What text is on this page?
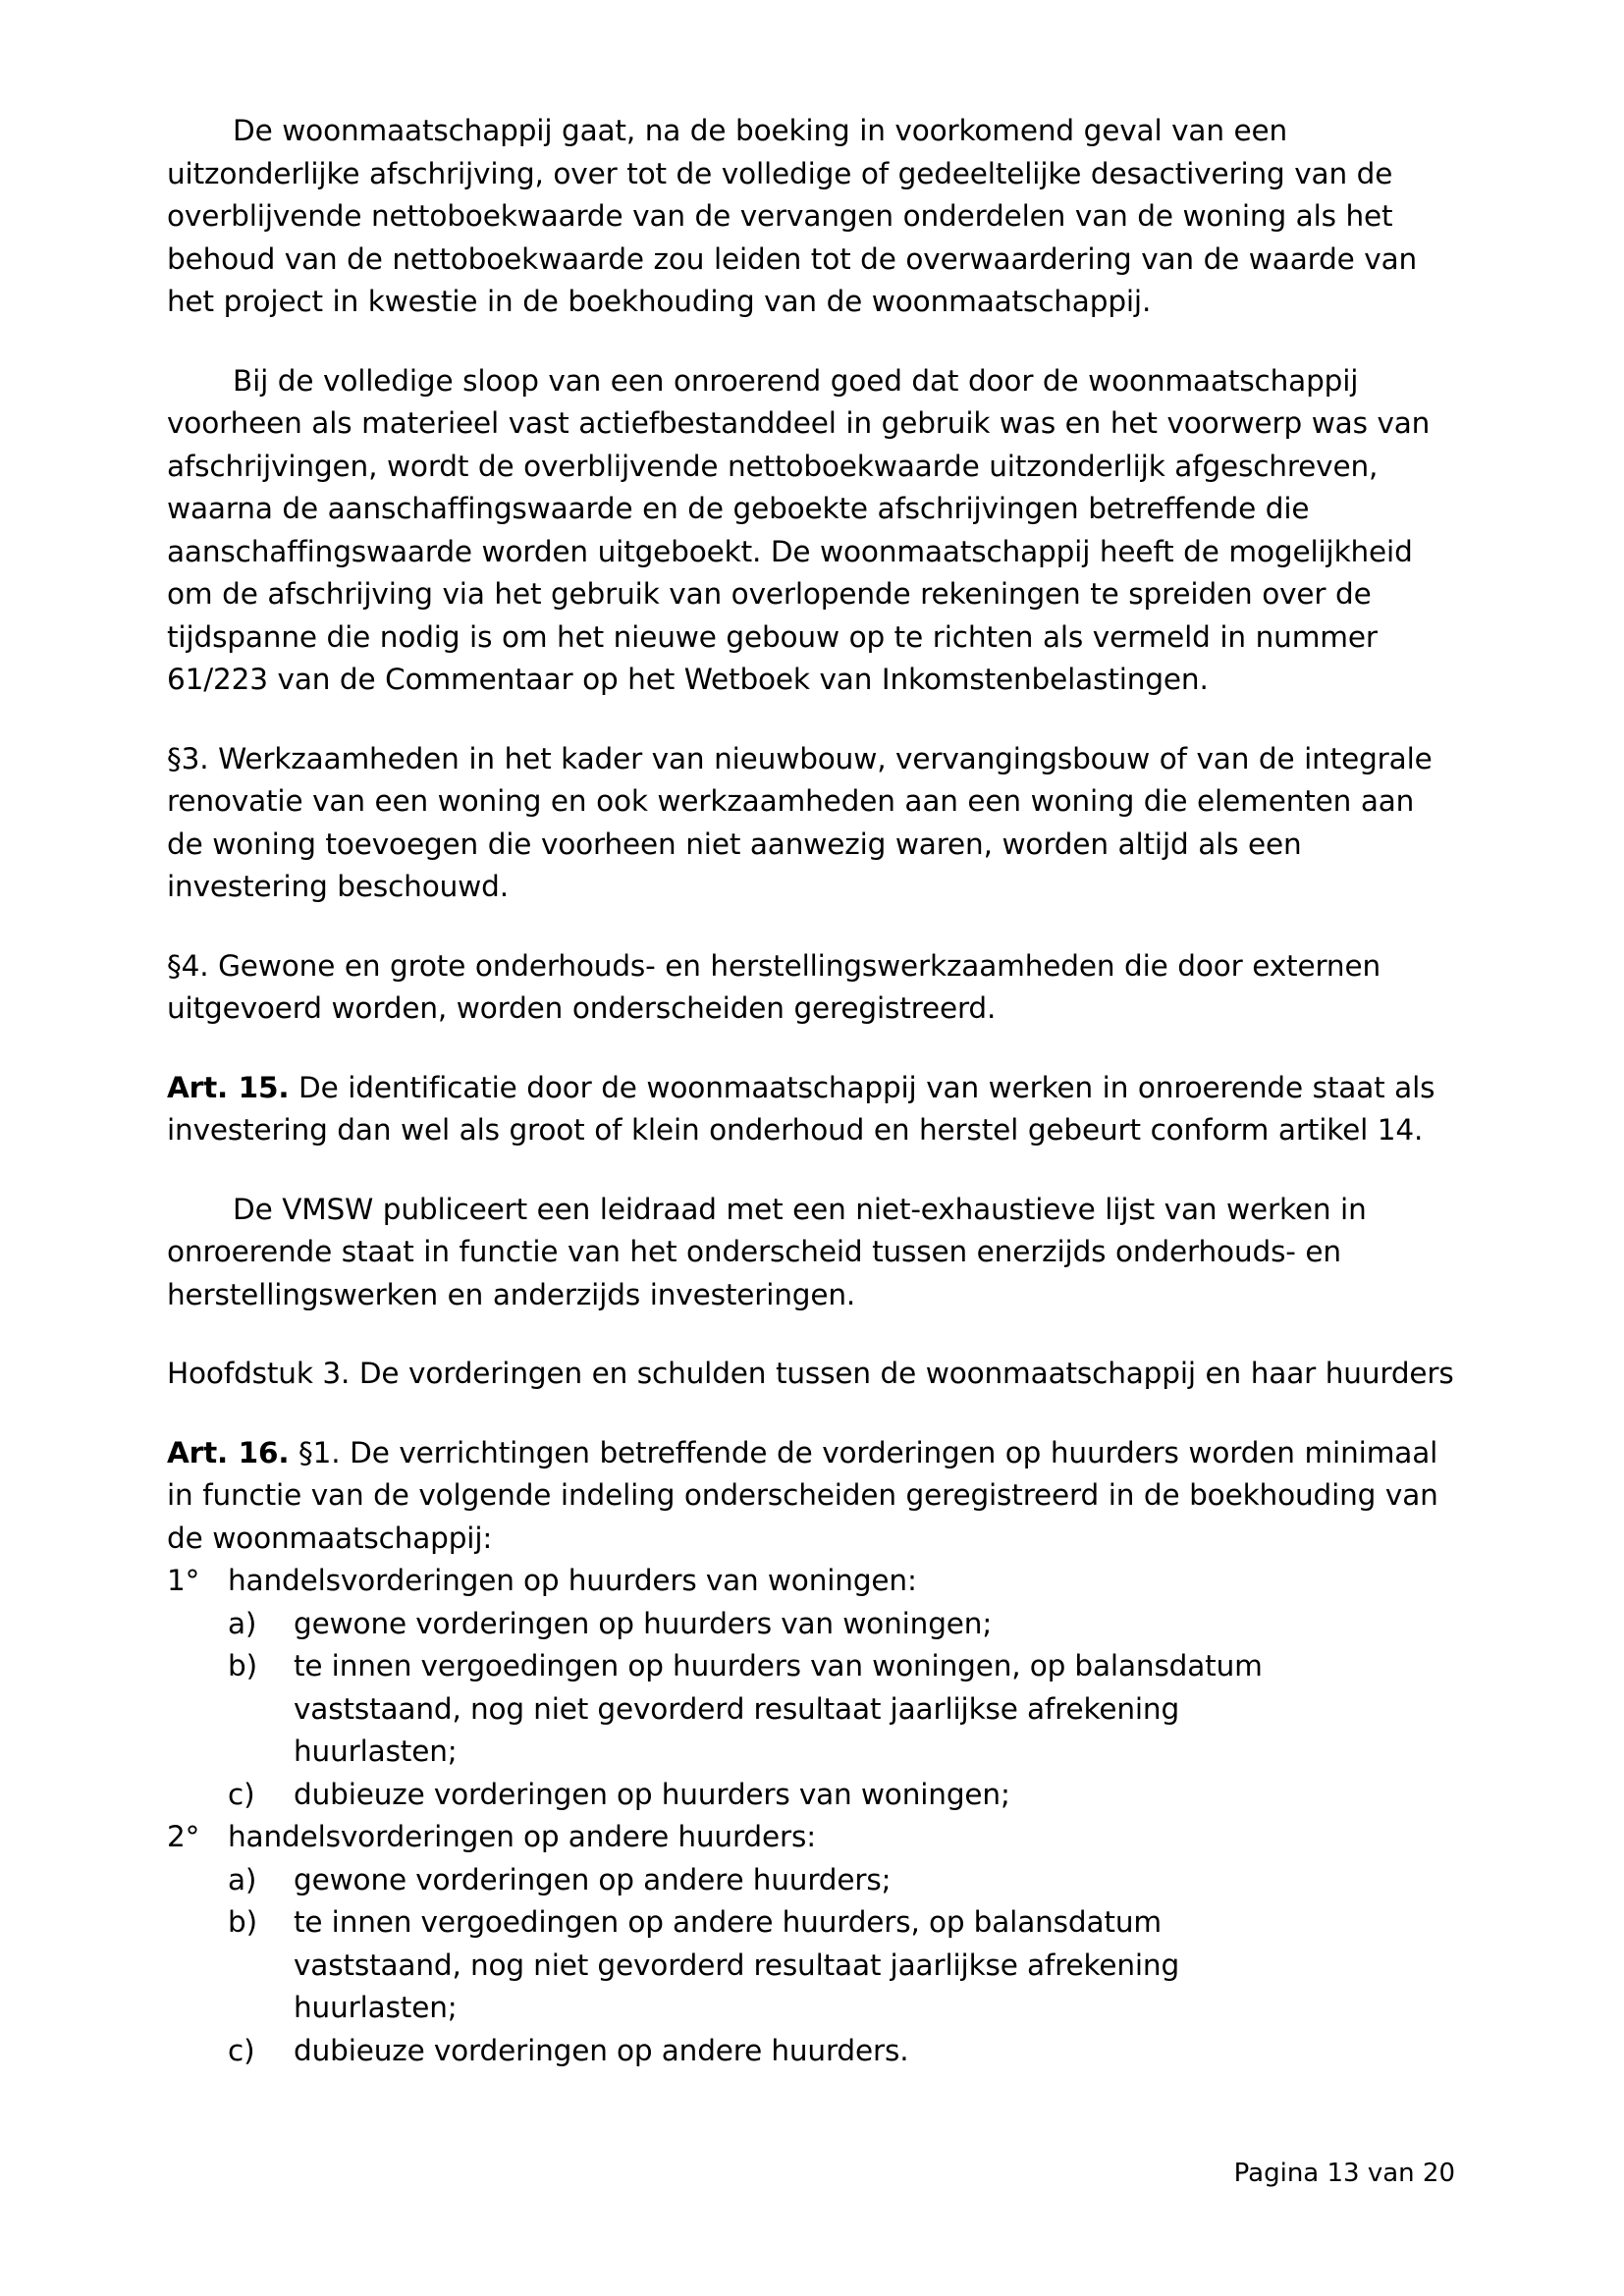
De woonmaatschappij gaat, na de boeking in voorkomend geval van een uitzonderlijke afschrijving, over tot de volledige of gedeeltelijke desactivering van de overblijvende nettoboekwaarde van de vervangen onderdelen van de woning als het behoud van de nettoboekwaarde zou leiden tot de overwaardering van de waarde van het project in kwestie in de boekhouding van de woonmaatschappij.

Bij de volledige sloop van een onroerend goed dat door de woonmaatschappij voorheen als materieel vast actiefbestanddeel in gebruik was en het voorwerp was van afschrijvingen, wordt de overblijvende nettoboekwaarde uitzonderlijk afgeschreven, waarna de aanschaffingswaarde en de geboekte afschrijvingen betreffende die aanschaffingswaarde worden uitgeboekt. De woonmaatschappij heeft de mogelijkheid om de afschrijving via het gebruik van overlopende rekeningen te spreiden over de tijdspanne die nodig is om het nieuwe gebouw op te richten als vermeld in nummer 61/223 van de Commentaar op het Wetboek van Inkomstenbelastingen.

§3. Werkzaamheden in het kader van nieuwbouw, vervangingsbouw of van de integrale renovatie van een woning en ook werkzaamheden aan een woning die elementen aan de woning toevoegen die voorheen niet aanwezig waren, worden altijd als een investering beschouwd.

§4. Gewone en grote onderhouds- en herstellingswerkzaamheden die door externen uitgevoerd worden, worden onderscheiden geregistreerd.

Art. 15. De identificatie door de woonmaatschappij van werken in onroerende staat als investering dan wel als groot of klein onderhoud en herstel gebeurt conform artikel 14.

De VMSW publiceert een leidraad met een niet-exhaustieve lijst van werken in onroerende staat in functie van het onderscheid tussen enerzijds onderhouds- en herstellingswerken en anderzijds investeringen.

Hoofdstuk 3. De vorderingen en schulden tussen de woonmaatschappij en haar huurders

Art. 16. §1. De verrichtingen betreffende de vorderingen op huurders worden minimaal in functie van de volgende indeling onderscheiden geregistreerd in de boekhouding van de woonmaatschappij:

1° handelsvorderingen op huurders van woningen:
a)	gewone vorderingen op huurders van woningen;
b)	te innen vergoedingen op huurders van woningen, op balansdatum vaststaand, nog niet gevorderd resultaat jaarlijkse afrekening huurlasten;
c)	dubieuze vorderingen op huurders van woningen;
2° handelsvorderingen op andere huurders:
a)	gewone vorderingen op andere huurders;
b)	te innen vergoedingen op andere huurders, op balansdatum vaststaand, nog niet gevorderd resultaat jaarlijkse afrekening huurlasten;
c)	dubieuze vorderingen op andere huurders.
Pagina 13 van 20
